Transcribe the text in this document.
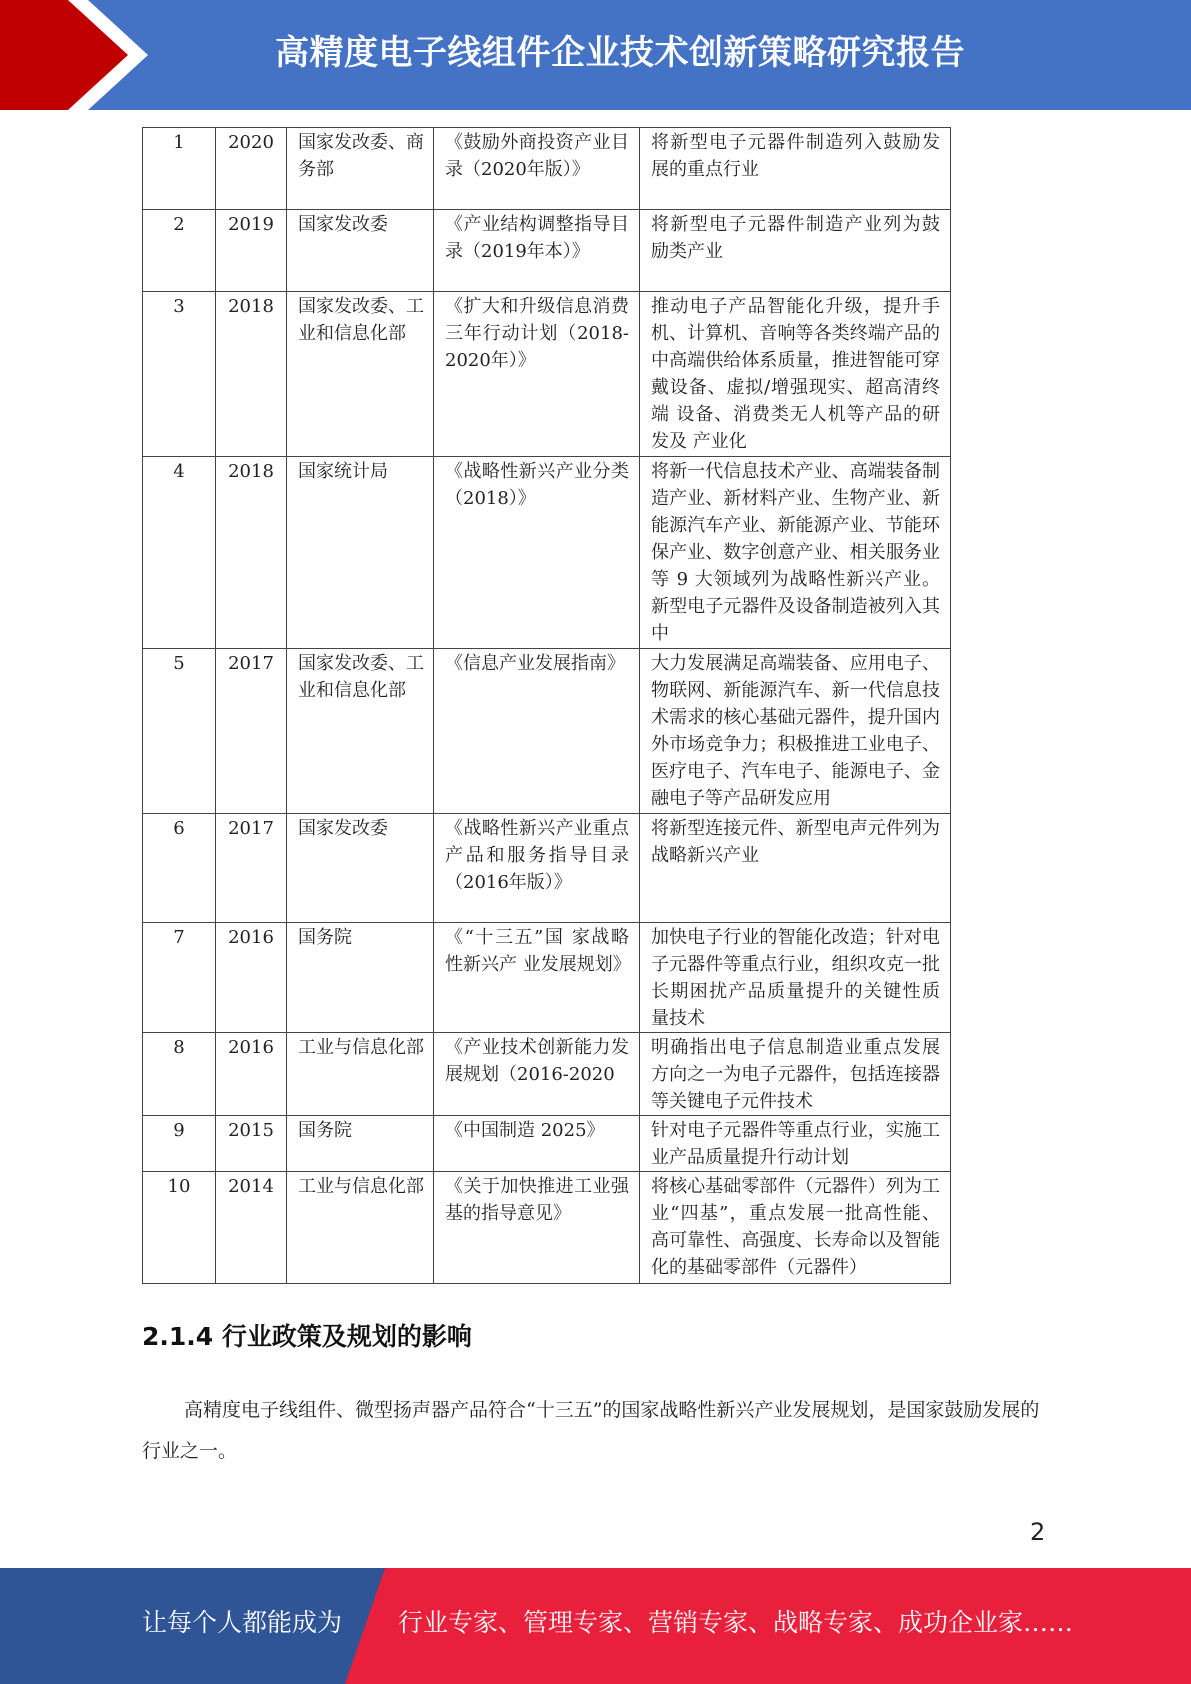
高精度电子线组件企业技术创新策略研究报告
1	2020	国家发改委、商务部	《鼓励外商投资产业目录（2020年版）》	将新型电子元器件制造列入鼓励发 展的重点行业
2	2019	国家发改委	《产业结构调整指导目录（2019年本）》	将新型电子元器件制造产业列为鼓 励类产业
3	2018	国家发改委、工业和信息化部	《扩大和升级信息消费三年行动计划（2018-2020年）》	推动电子产品智能化升级，提升手 机、计算机、音响等各类终端产品的 中高端供给体系质量，推进智能可穿 戴设备、虚拟/增强现实、超高清终端 设备、消费类无人机等产品的研发及 产业化
4	2018	国家统计局	《战略性新兴产业分类（2018）》	将新一代信息技术产业、高端装备制造产业、新材料产业、生物产业、新能源汽车产业、新能源产业、节能环保产业、数字创意产业、相关服务业等 9 大领域列为战略性新兴产业。新型电子元器件及设备制造被列入其 中
5	2017	国家发改委、工业和信息化部	《信息产业发展指南》	大力发展满足高端装备、应用电子、物联网、新能源汽车、新一代信息技术需求的核心基础元器件，提升国内外市场竞争力；积极推进工业电子、医疗电子、汽车电子、能源电子、金融电子等产品研发应用
6	2017	国家发改委	《战略性新兴产业重点产品和服务指导目录（2016年版）》	将新型连接元件、新型电声元件列为战略新兴产业
7	2016	国务院	《“十三五”国 家战略性新兴产 业发展规划》	加快电子行业的智能化改造；针对电子元器件等重点行业，组织攻克一批长期困扰产品质量提升的关键性质 量技术
8	2016	工业与信息化部	《产业技术创新能力发展规划（2016-2020	明确指出电子信息制造业重点发展 方向之一为电子元器件，包括连接器 等关键电子元件技术
9	2015	国务院	《中国制造 2025》	针对电子元器件等重点行业，实施工业产品质量提升行动计划
10	2014	工业与信息化部	《关于加快推进工业强基的指导意见》	将核心基础零部件（元器件）列为工业“四基”，重点发展一批高性能、 高可靠性、高强度、长寿命以及智能 化的基础零部件（元器件）
2.1.4 行业政策及规划的影响

高精度电子线组件、微型扬声器产品符合“十三五”的国家战略性新兴产业发展规划，是国家鼓励发展的行业之一。

2
让每个人都能成为 行业专家、管理专家、营销专家、战略专家、成功企业家……
